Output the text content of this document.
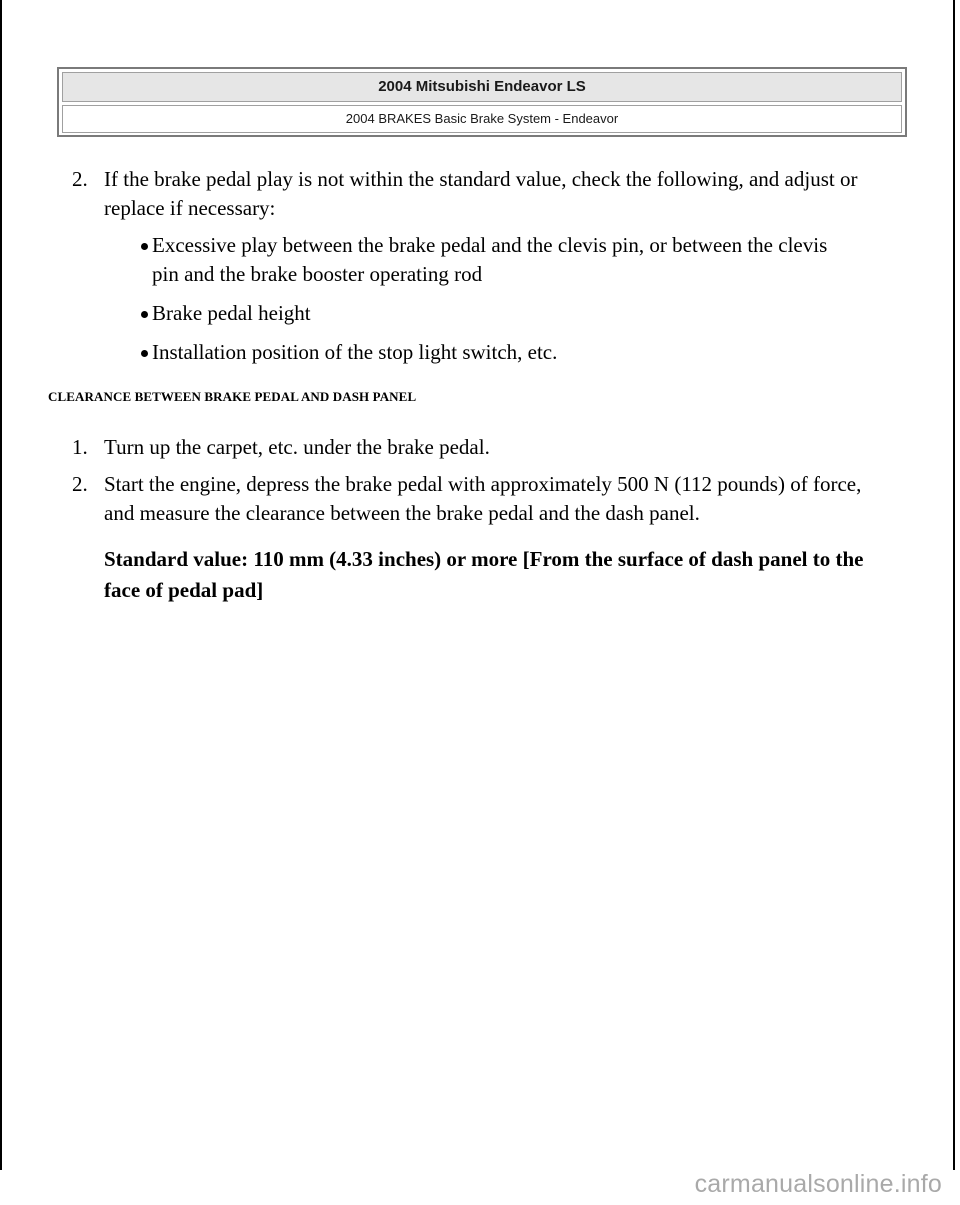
2004 Mitsubishi Endeavor LS
2004 BRAKES Basic Brake System - Endeavor
2. If the brake pedal play is not within the standard value, check the following, and adjust or replace if necessary:
Excessive play between the brake pedal and the clevis pin, or between the clevis pin and the brake booster operating rod
Brake pedal height
Installation position of the stop light switch, etc.
CLEARANCE BETWEEN BRAKE PEDAL AND DASH PANEL
1. Turn up the carpet, etc. under the brake pedal.
2. Start the engine, depress the brake pedal with approximately 500 N (112 pounds) of force, and measure the clearance between the brake pedal and the dash panel.
Standard value: 110 mm (4.33 inches) or more [From the surface of dash panel to the face of pedal pad]
carmanualsonline.info
